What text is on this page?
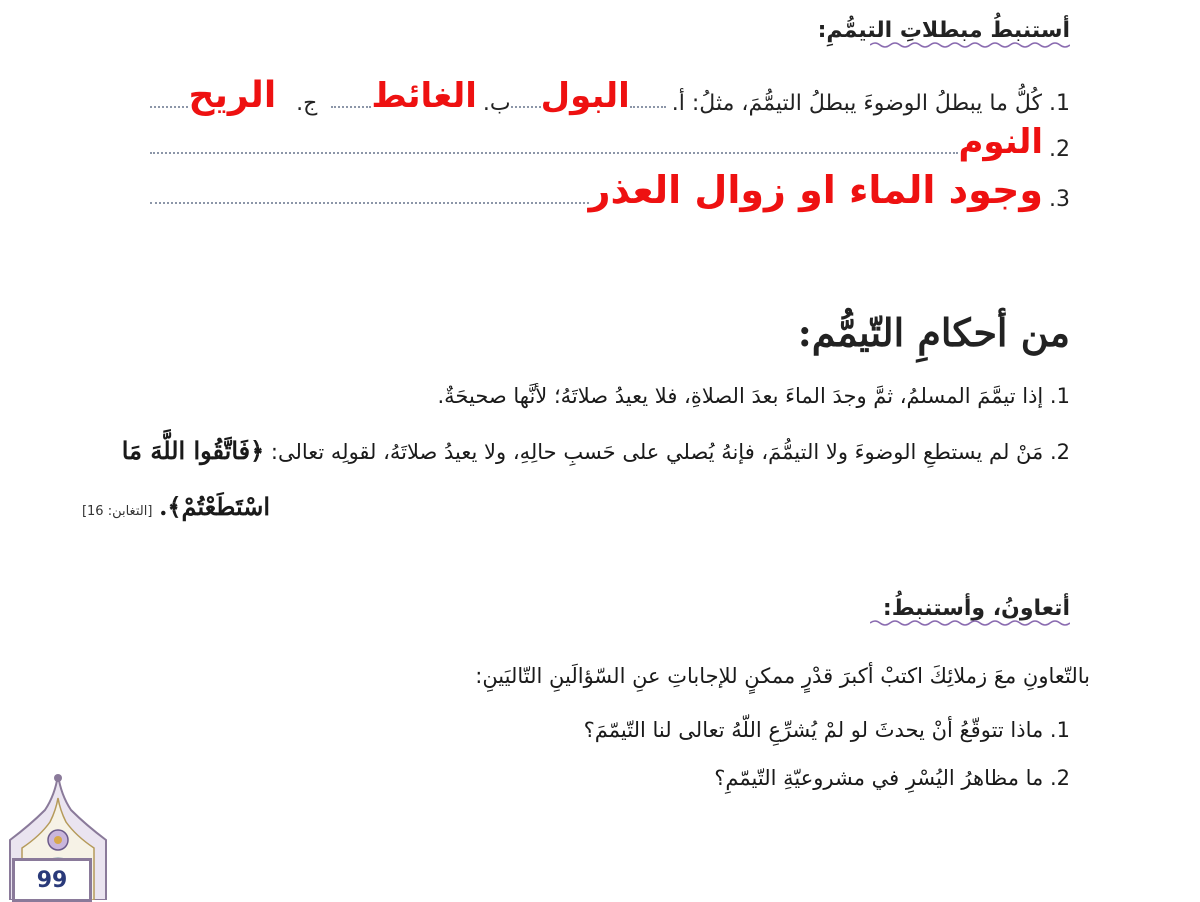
أستنبطُ مبطلاتِ التيمُّمِ:
1. كُلُّ ما يبطلُ الوضوءَ يبطلُ التيمُّمَ، مثلُ: أ.
البول
ب.
الغائط
ج.
الريح
2.
النوم
3.
وجود الماء او زوال العذر
من أحكامِ التّيمُّم:
1. إذا تيمَّمَ المسلمُ، ثمَّ وجدَ الماءَ بعدَ الصلاةِ، فلا يعيدُ صلاتَهُ؛ لأنَّها صحيحَةٌ.
2. مَنْ لم يستطعِ الوضوءَ ولا التيمُّمَ، فإنهُ يُصلي على حَسبِ حالِهِ، ولا يعيدُ صلاتَهُ، لقولِه تعالى: ﴿فَاتَّقُوا اللَّهَ مَا
اسْتَطَعْتُمْ﴾. [التغابن: 16]
أتعاونُ، وأستنبطُ:
بالتّعاونِ معَ زملائِكَ اكتبْ أكبرَ قدْرٍ ممكنٍ للإجاباتِ عنِ السّؤالَينِ التّاليَينِ:
1. ماذا تتوقّعُ أنْ يحدثَ لو لمْ يُشرِّعِ اللّهُ تعالى لنا التّيمّمَ؟
2. ما مظاهرُ اليُسْرِ في مشروعيّةِ التّيمّمِ؟
99
